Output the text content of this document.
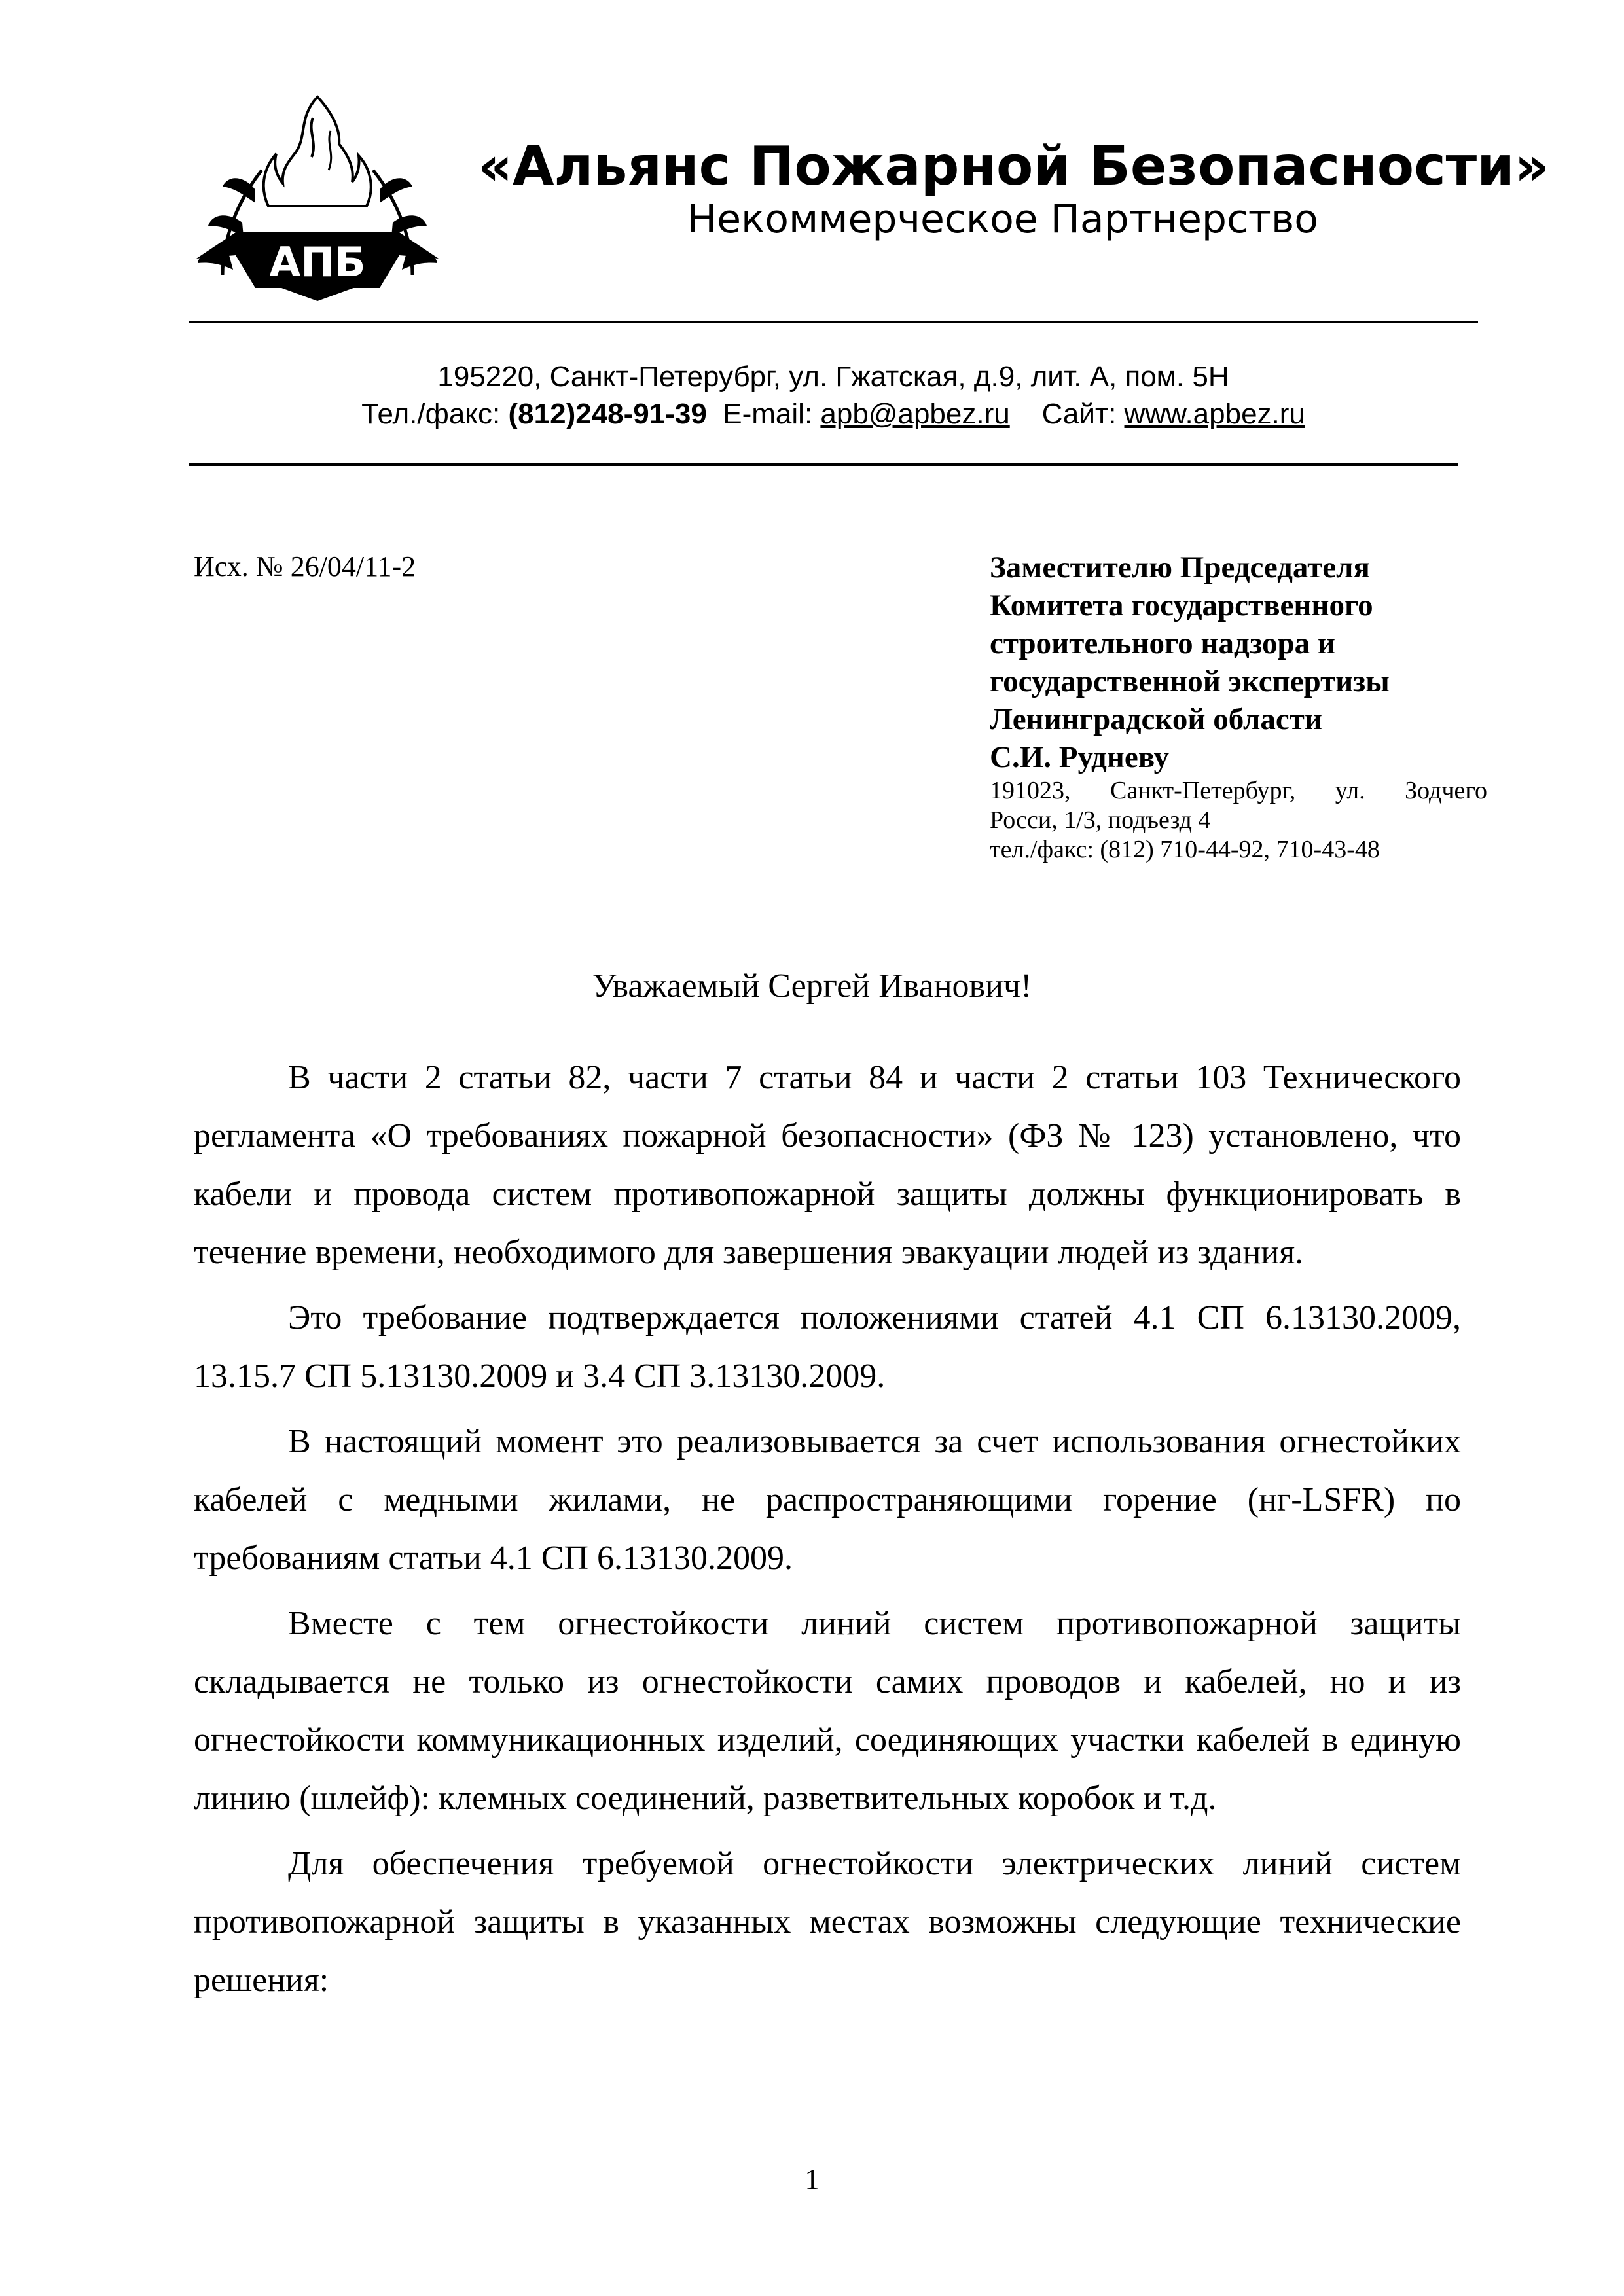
АПБ
«Альянс Пожарной Безопасности»
Некоммерческое Партнерство
195220, Санкт-Петерубрг, ул. Гжатская, д.9, лит. А, пом. 5Н
Тел./факс: (812)248-91-39 E-mail: apb@apbez.ru Сайт: www.apbez.ru
Исх. № 26/04/11-2	Заместителю Председателя
Комитета государственного
строительного надзора и
государственной экспертизы
Ленинградской области
С.И. Рудневу
191023, Санкт-Петербург, ул. Зодчего
Росси, 1/3, подъезд 4
тел./факс: (812) 710-44-92, 710-43-48
Уважаемый Сергей Иванович!

В части 2 статьи 82, части 7 статьи 84 и части 2 статьи 103 Технического регламента «О требованиях пожарной безопасности» (ФЗ № 123) установлено, что кабели и провода систем противопожарной защиты должны функционировать в течение времени, необходимого для завершения эвакуации людей из здания.

Это требование подтверждается положениями статей 4.1 СП 6.13130.2009, 13.15.7 СП 5.13130.2009 и 3.4 СП 3.13130.2009.

В настоящий момент это реализовывается за счет использования огнестойких кабелей с медными жилами, не распространяющими горение (нг-LSFR) по требованиям статьи 4.1 СП 6.13130.2009.

Вместе с тем огнестойкости линий систем противопожарной защиты складывается не только из огнестойкости самих проводов и кабелей, но и из огнестойкости коммуникационных изделий, соединяющих участки кабелей в единую линию (шлейф): клемных соединений, разветвительных коробок и т.д.

Для обеспечения требуемой огнестойкости электрических линий систем противопожарной защиты в указанных местах возможны следующие технические решения:

1
